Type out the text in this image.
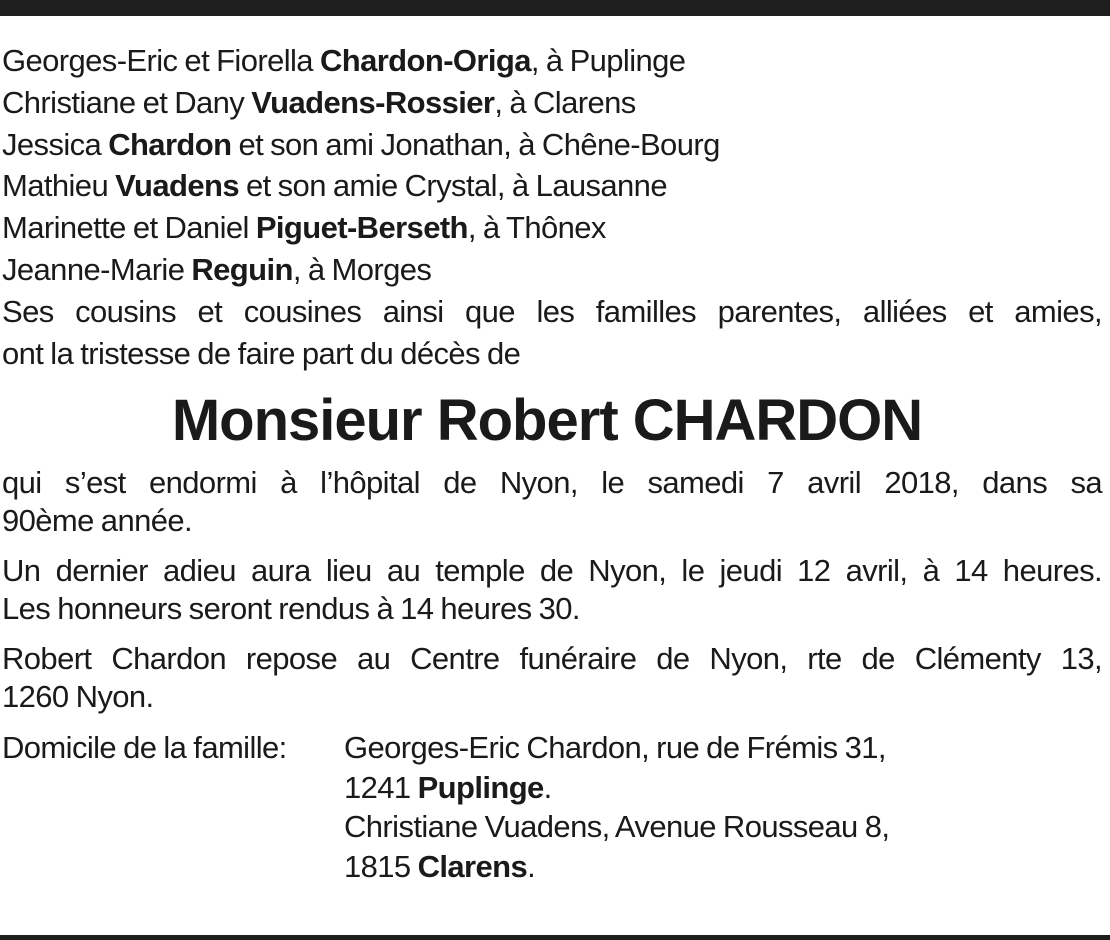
Georges-Eric et Fiorella Chardon-Origa, à Puplinge
Christiane et Dany Vuadens-Rossier, à Clarens
Jessica Chardon et son ami Jonathan, à Chêne-Bourg
Mathieu Vuadens et son amie Crystal, à Lausanne
Marinette et Daniel Piguet-Berseth, à Thônex
Jeanne-Marie Reguin, à Morges
Ses cousins et cousines ainsi que les familles parentes, alliées et amies,
ont la tristesse de faire part du décès de
Monsieur Robert CHARDON
qui s’est endormi à l’hôpital de Nyon, le samedi 7 avril 2018, dans sa
90ème année.
Un dernier adieu aura lieu au temple de Nyon, le jeudi 12 avril, à 14 heures.
Les honneurs seront rendus à 14 heures 30.
Robert Chardon repose au Centre funéraire de Nyon, rte de Clémenty 13,
1260 Nyon.
Domicile de la famille:	Georges-Eric Chardon, rue de Frémis 31,
1241 Puplinge.
Christiane Vuadens, Avenue Rousseau 8,
1815 Clarens.
